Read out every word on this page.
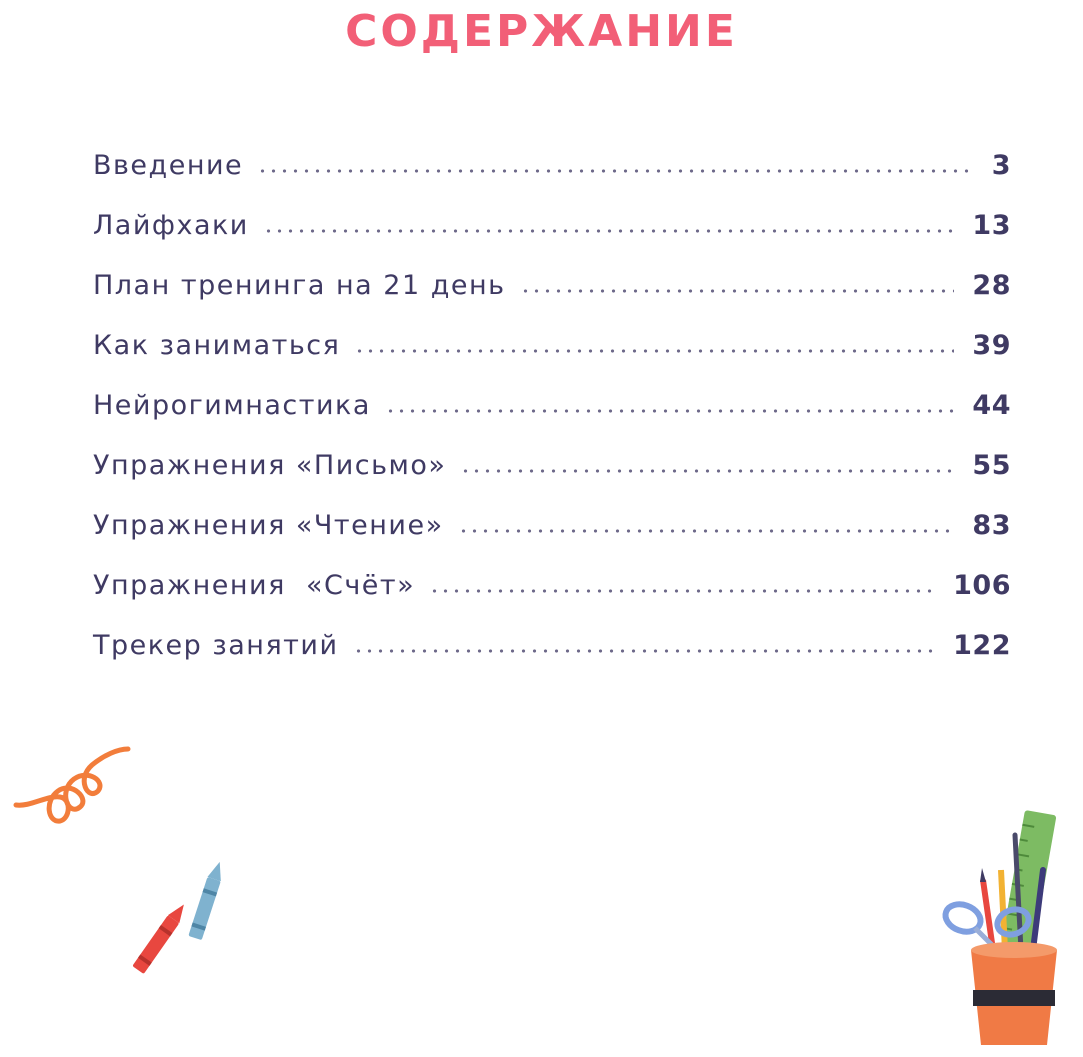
СОДЕРЖАНИЕ
Введение	3
Лайфхаки	13
План тренинга на 21 день	28
Как заниматься	39
Нейрогимнастика	44
Упражнения «Письмо»	55
Упражнения «Чтение»	83
Упражнения  «Счёт»	106
Трекер занятий	122
